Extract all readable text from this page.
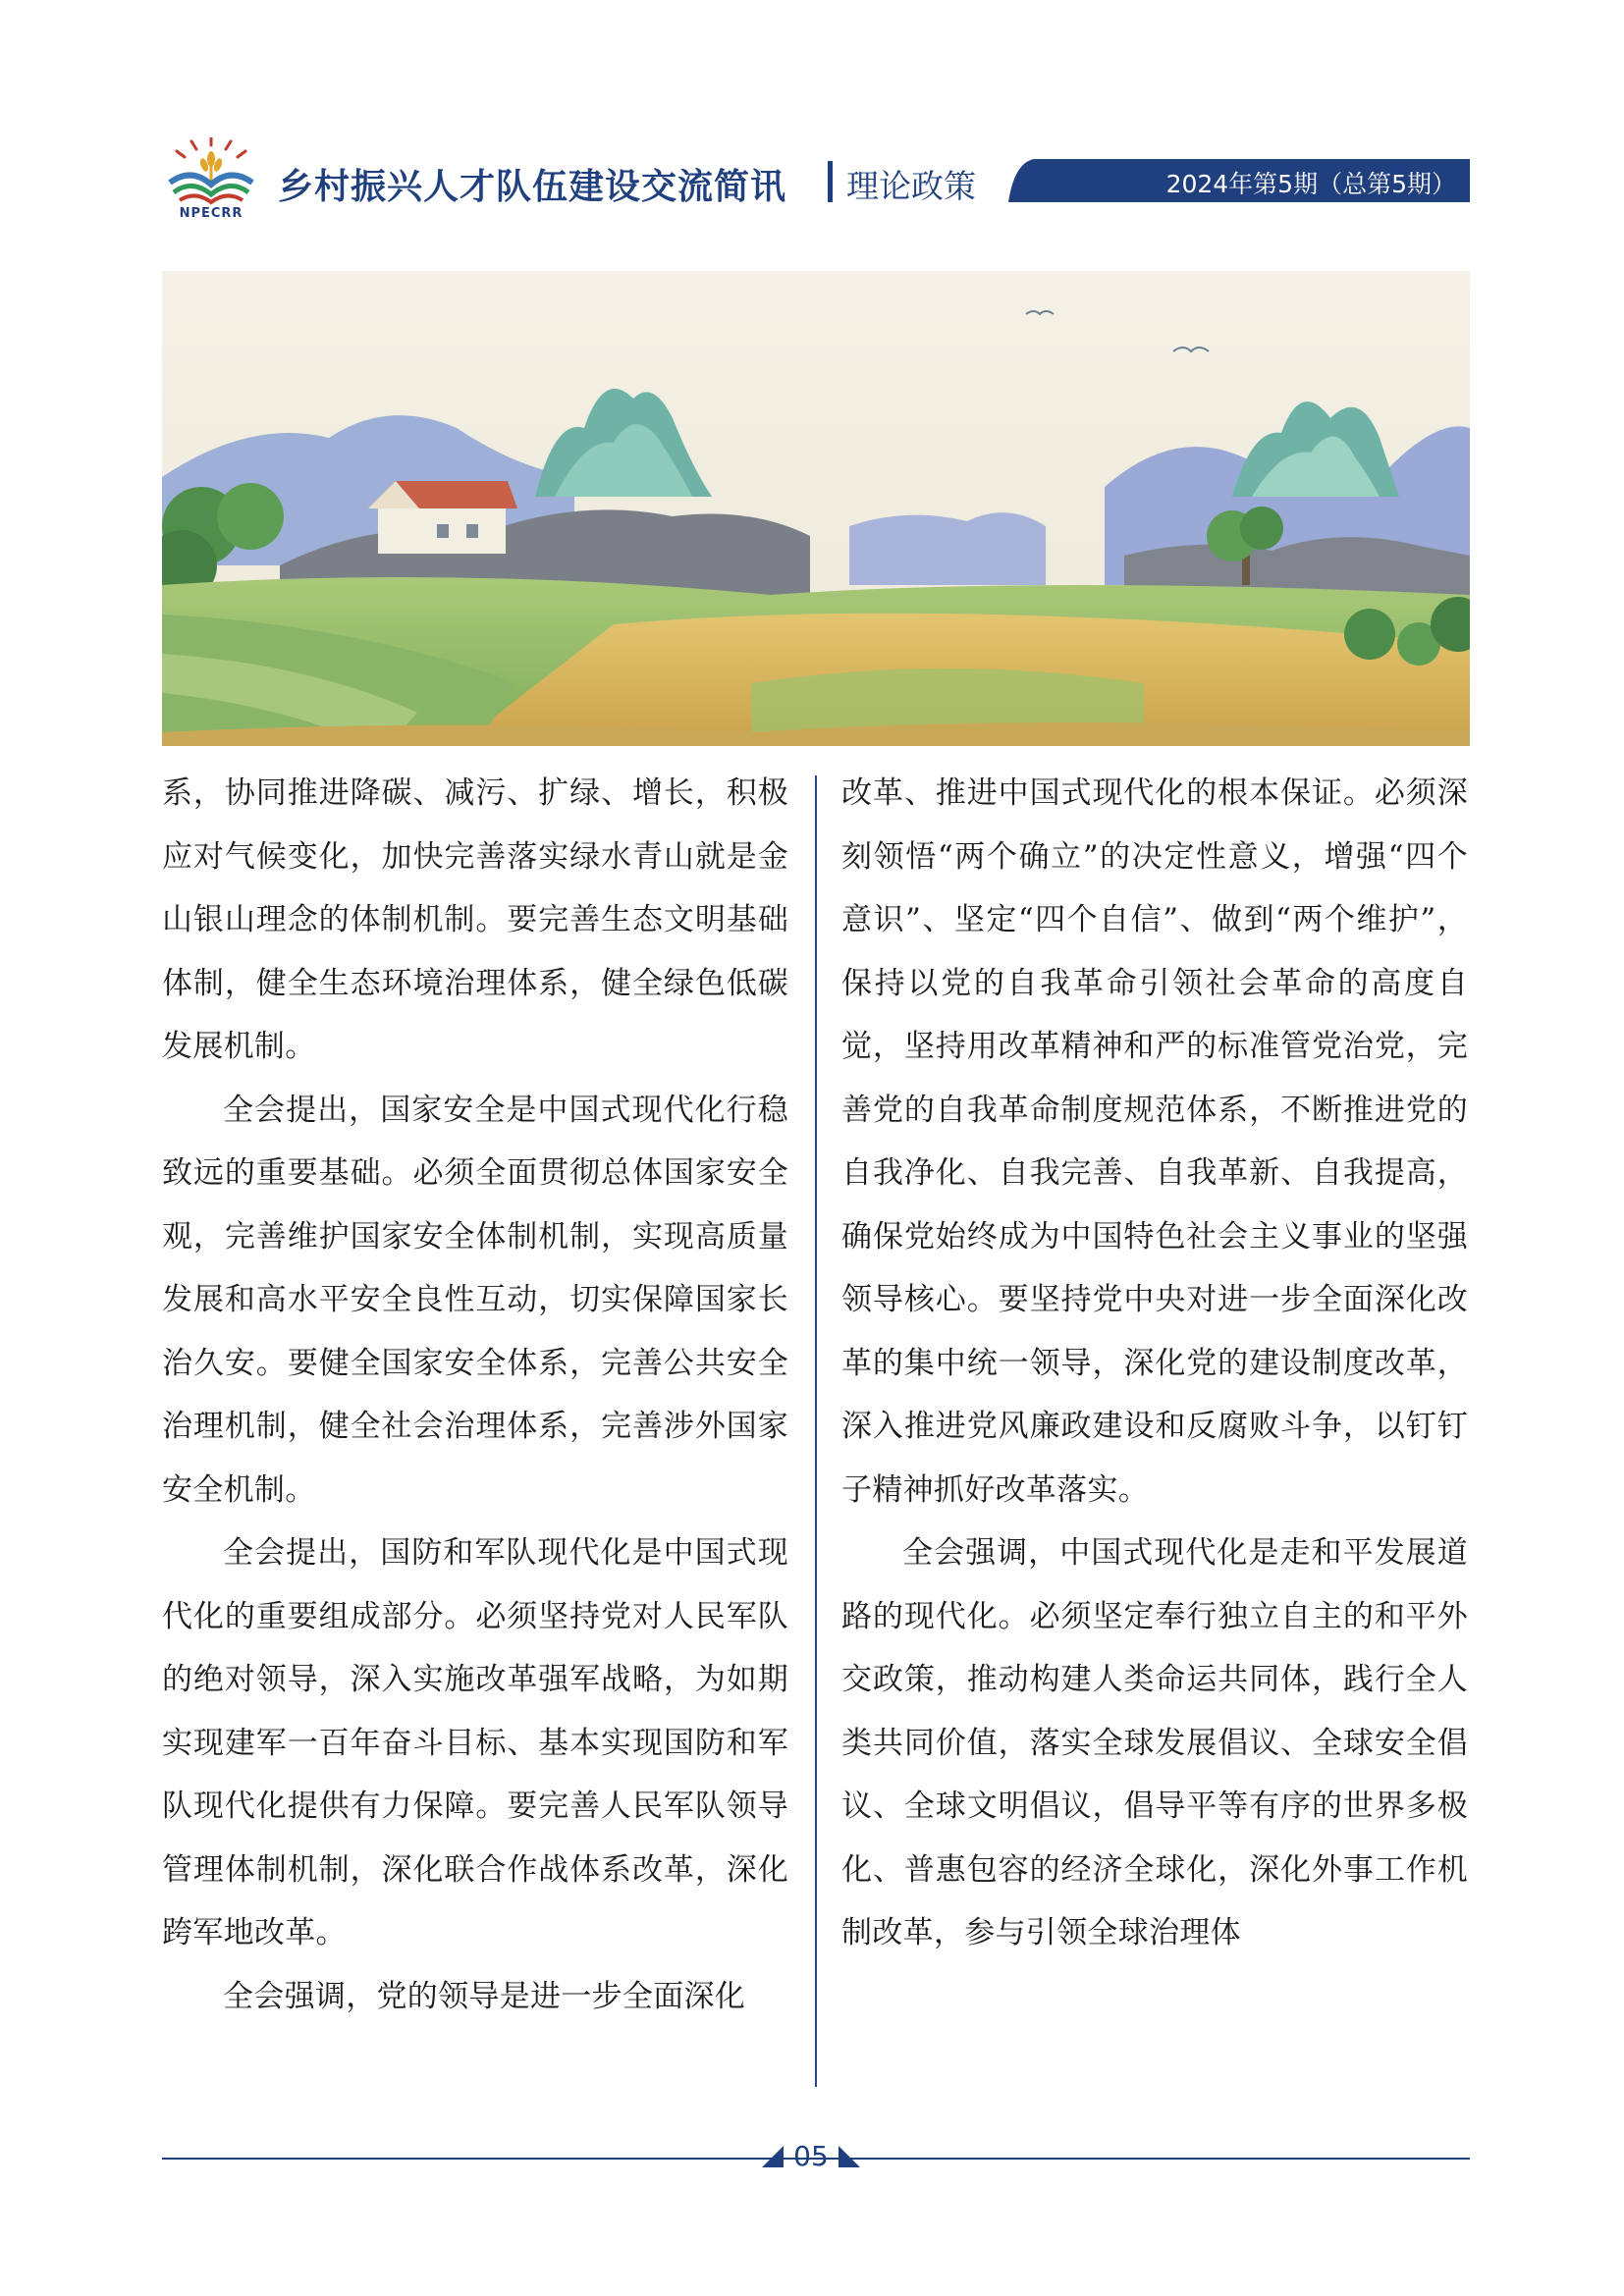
NPECRR
乡村振兴人才队伍建设交流简讯 理论政策	2024年第5期（总第5期）

系，协同推进降碳、减污、扩绿、增长，积极应对气候变化，加快完善落实绿水青山就是金山银山理念的体制机制。要完善生态文明基础体制，健全生态环境治理体系，健全绿色低碳发展机制。

全会提出，国家安全是中国式现代化行稳致远的重要基础。必须全面贯彻总体国家安全观，完善维护国家安全体制机制，实现高质量发展和高水平安全良性互动，切实保障国家长治久安。要健全国家安全体系，完善公共安全治理机制，健全社会治理体系，完善涉外国家安全机制。

全会提出，国防和军队现代化是中国式现代化的重要组成部分。必须坚持党对人民军队的绝对领导，深入实施改革强军战略，为如期实现建军一百年奋斗目标、基本实现国防和军队现代化提供有力保障。要完善人民军队领导管理体制机制，深化联合作战体系改革，深化跨军地改革。

全会强调，党的领导是进一步全面深化

改革、推进中国式现代化的根本保证。必须深刻领悟“两个确立”的决定性意义，增强“四个意识”、坚定“四个自信”、做到“两个维护”，保持以党的自我革命引领社会革命的高度自觉，坚持用改革精神和严的标准管党治党，完善党的自我革命制度规范体系，不断推进党的自我净化、自我完善、自我革新、自我提高，确保党始终成为中国特色社会主义事业的坚强领导核心。要坚持党中央对进一步全面深化改革的集中统一领导，深化党的建设制度改革，深入推进党风廉政建设和反腐败斗争，以钉钉子精神抓好改革落实。

全会强调，中国式现代化是走和平发展道路的现代化。必须坚定奉行独立自主的和平外交政策，推动构建人类命运共同体，践行全人类共同价值，落实全球发展倡议、全球安全倡议、全球文明倡议，倡导平等有序的世界多极化、普惠包容的经济全球化，深化外事工作机制改革，参与引领全球治理体

05
